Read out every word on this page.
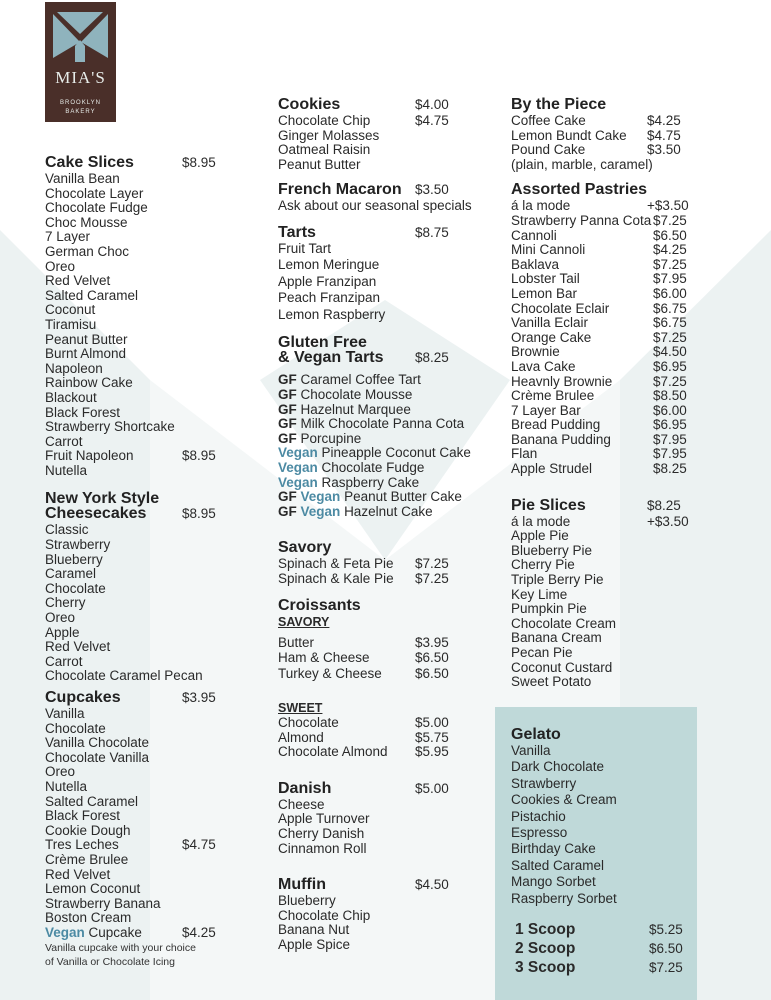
MIA'S
BROOKLYN
BAKERY
Cake Slices	$8.95
Vanilla Bean
Chocolate Layer
Chocolate Fudge
Choc Mousse
7 Layer
German Choc
Oreo
Red Velvet
Salted Caramel
Coconut
Tiramisu
Peanut Butter
Burnt Almond
Napoleon
Rainbow Cake
Blackout
Black Forest
Strawberry Shortcake
Carrot
Fruit Napoleon	$8.95
Nutella
New York Style
Cheesecakes	$8.95
Classic
Strawberry
Blueberry
Caramel
Chocolate
Cherry
Oreo
Apple
Red Velvet
Carrot
Chocolate Caramel Pecan
Cupcakes	$3.95
Vanilla
Chocolate
Vanilla Chocolate
Chocolate Vanilla
Oreo
Nutella
Salted Caramel
Black Forest
Cookie Dough
Tres Leches	$4.75
Crème Brulee
Red Velvet
Lemon Coconut
Strawberry Banana
Boston Cream
Vegan Cupcake	$4.25
Vanilla cupcake with your choice
of Vanilla or Chocolate Icing
Cookies	$4.00
Chocolate Chip	$4.75
Ginger Molasses
Oatmeal Raisin
Peanut Butter
French Macaron $3.50
Ask about our seasonal specials
Tarts	$8.75
Fruit Tart
Lemon Meringue
Apple Franzipan
Peach Franzipan
Lemon Raspberry
Gluten Free
& Vegan Tarts $8.25
GF Caramel Coffee Tart
GF Chocolate Mousse
GF Hazelnut Marquee
GF Milk Chocolate Panna Cota
GF Porcupine
Vegan Pineapple Coconut Cake
Vegan Chocolate Fudge
Vegan Raspberry Cake
GF Vegan Peanut Butter Cake
GF Vegan Hazelnut Cake
Savory
Spinach & Feta Pie $7.25
Spinach & Kale Pie $7.25
Croissants
SAVORY
Butter	$3.95
Ham & Cheese	$6.50
Turkey & Cheese $6.50
SWEET
Chocolate	$5.00
Almond	$5.75
Chocolate Almond $5.95
Danish	$5.00
Cheese
Apple Turnover
Cherry Danish
Cinnamon Roll
Muffin	$4.50
Blueberry
Chocolate Chip
Banana Nut
Apple Spice
By the Piece
Coffee Cake	$4.25
Lemon Bundt Cake $4.75
Pound Cake	$3.50
(plain, marble, caramel)
Assorted Pastries
á la mode	+$3.50
Strawberry Panna Cota $7.25
Cannoli	$6.50
Mini Cannoli	$4.25
Baklava	$7.25
Lobster Tail	$7.95
Lemon Bar	$6.00
Chocolate Eclair	$6.75
Vanilla Eclair	$6.75
Orange Cake	$7.25
Brownie	$4.50
Lava Cake	$6.95
Heavnly Brownie	$7.25
Crème Brulee	$8.50
7 Layer Bar	$6.00
Bread Pudding	$6.95
Banana Pudding	$7.95
Flan	$7.95
Apple Strudel	$8.25
Pie Slices	$8.25
á la mode	+$3.50
Apple Pie
Blueberry Pie
Cherry Pie
Triple Berry Pie
Key Lime
Pumpkin Pie
Chocolate Cream
Banana Cream
Pecan Pie
Coconut Custard
Sweet Potato
Gelato
Vanilla
Dark Chocolate
Strawberry
Cookies & Cream
Pistachio
Espresso
Birthday Cake
Salted Caramel
Mango Sorbet
Raspberry Sorbet
1 Scoop	$5.25
2 Scoop	$6.50
3 Scoop	$7.25
